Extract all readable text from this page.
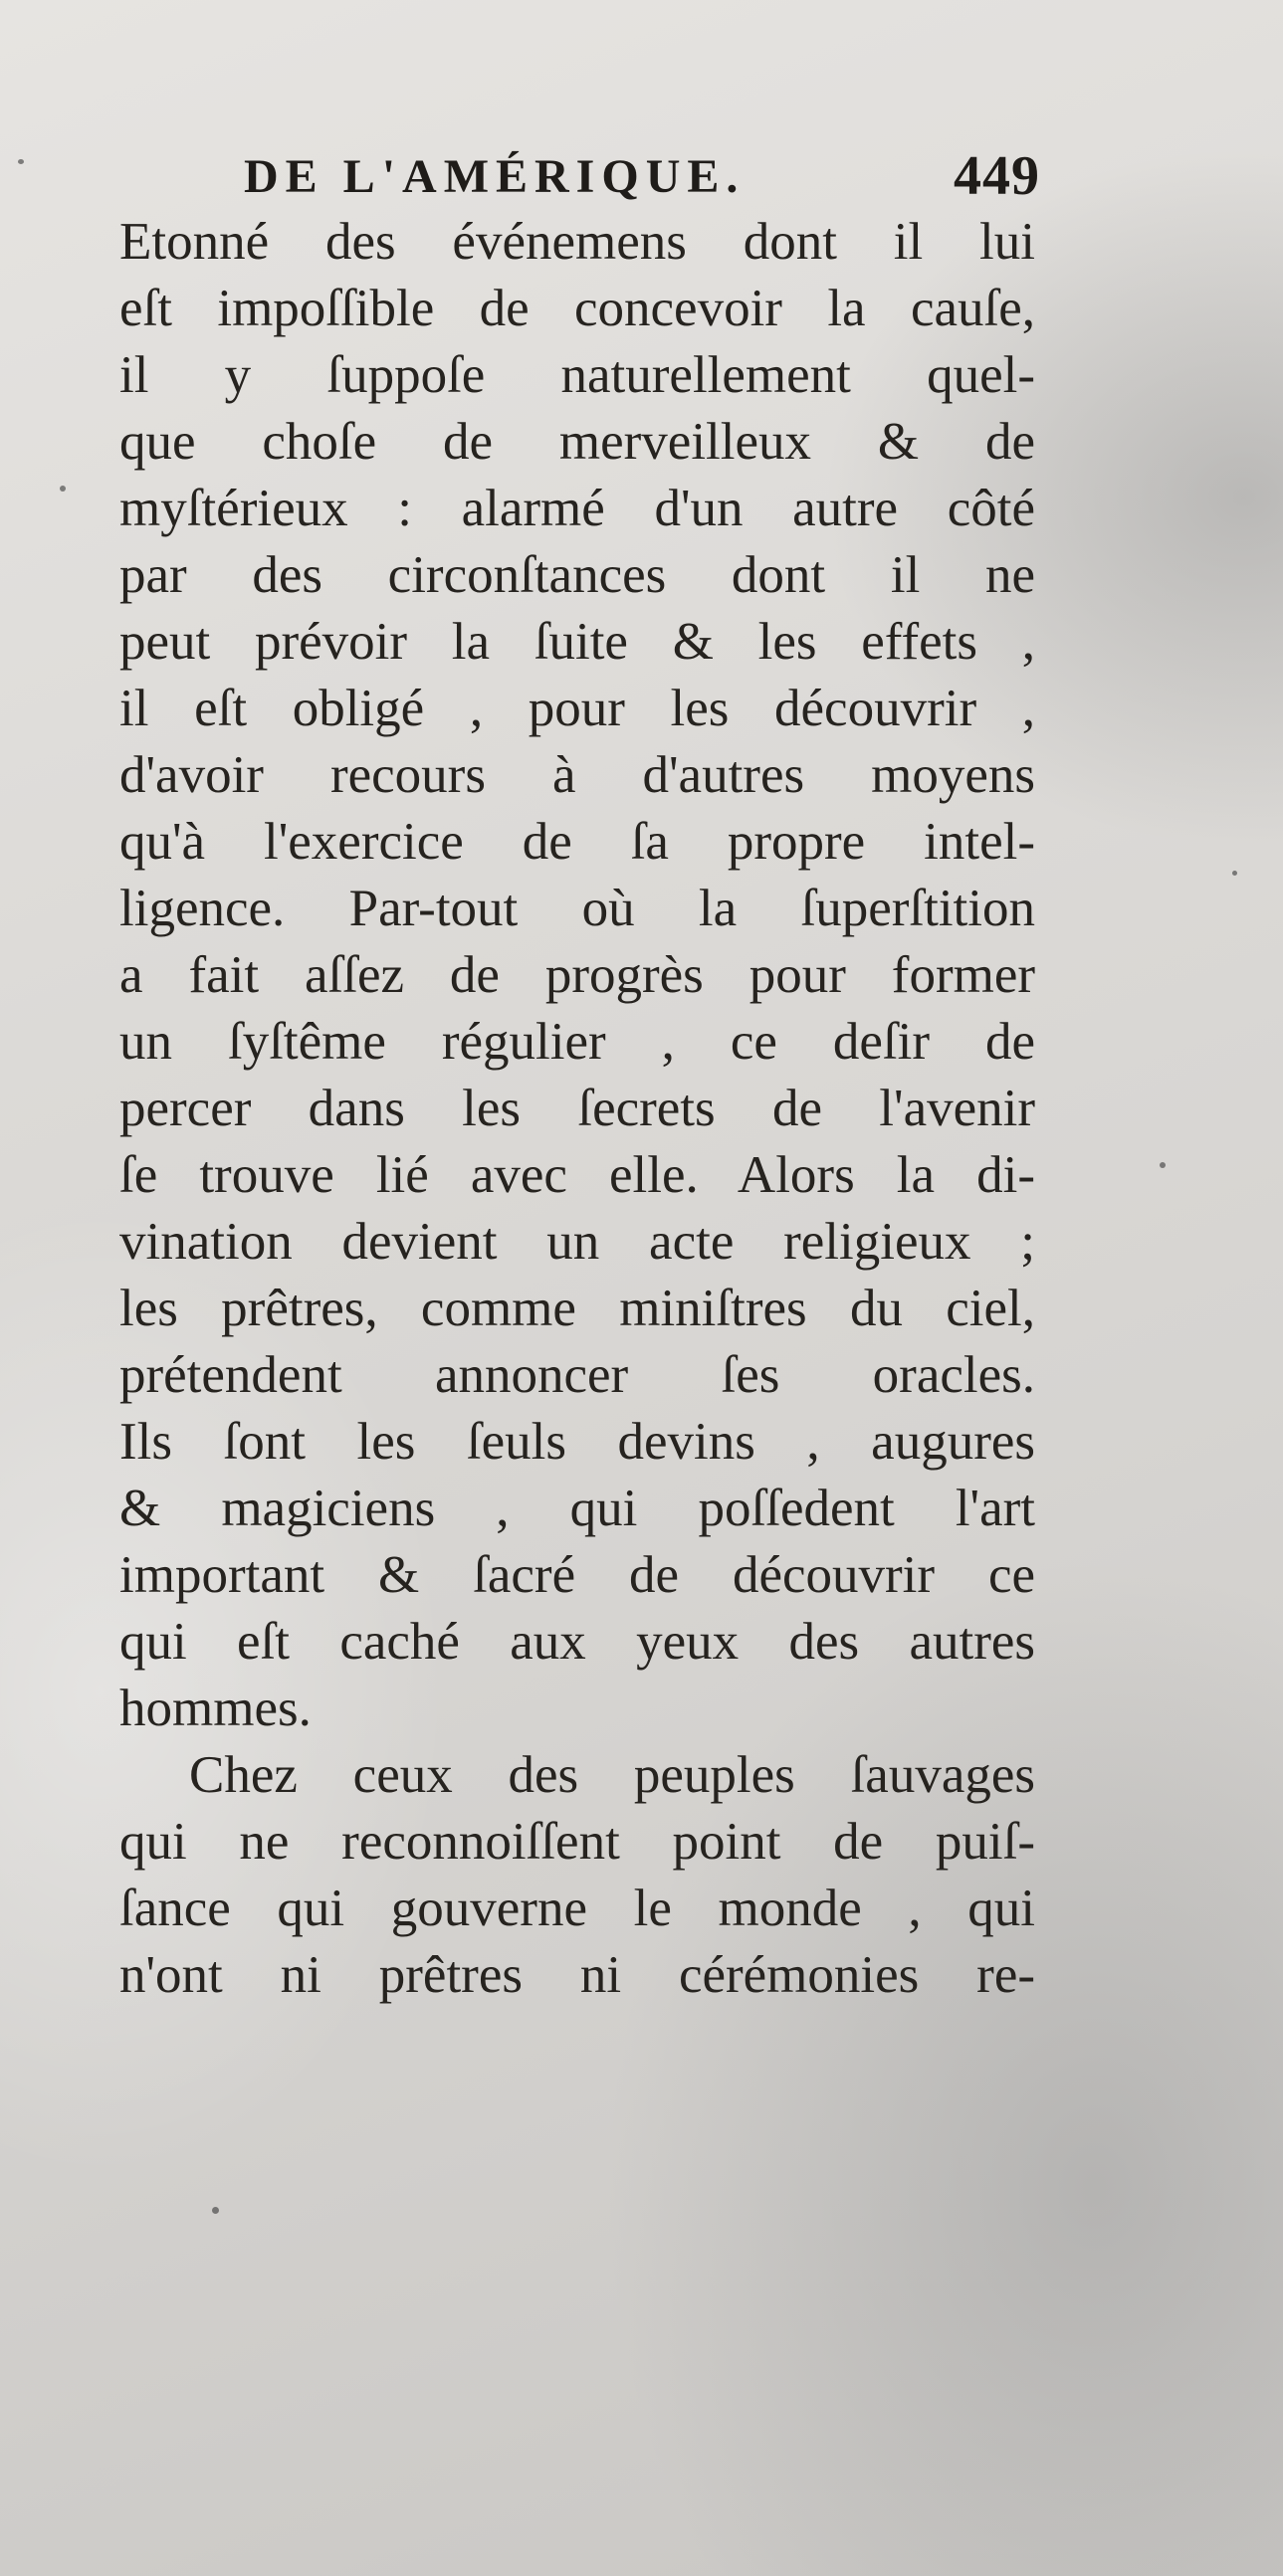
DE L'AMÉRIQUE.	449
Etonné des événemens dont il lui
eſt impoſſible de concevoir la cauſe,
il y ſuppoſe naturellement quel-
que choſe de merveilleux & de
myſtérieux : alarmé d'un autre côté
par des circonſtances dont il ne
peut prévoir la ſuite & les effets ,
il eſt obligé , pour les découvrir ,
d'avoir recours à d'autres moyens
qu'à l'exercice de ſa propre intel-
ligence. Par-tout où la ſuperſtition
a fait aſſez de progrès pour former
un ſyſtême régulier , ce deſir de
percer dans les ſecrets de l'avenir
ſe trouve lié avec elle. Alors la di-
vination devient un acte religieux ;
les prêtres, comme miniſtres du ciel,
prétendent annoncer ſes oracles.
Ils ſont les ſeuls devins , augures
& magiciens , qui poſſedent l'art
important & ſacré de découvrir ce
qui eſt caché aux yeux des autres
hommes.
Chez ceux des peuples ſauvages
qui ne reconnoiſſent point de puiſ-
ſance qui gouverne le monde , qui
n'ont ni prêtres ni cérémonies re-
